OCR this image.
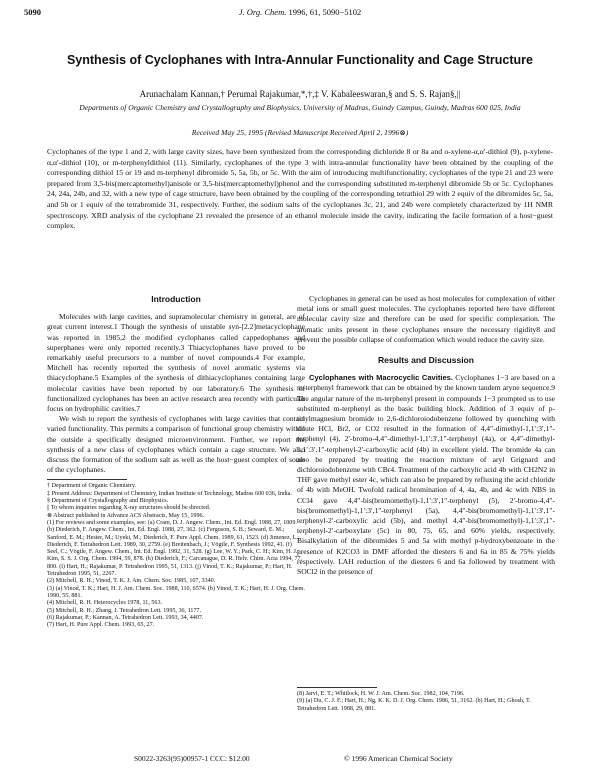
5090	J. Org. Chem. 1996, 61, 5090−5102
Synthesis of Cyclophanes with Intra-Annular Functionality and Cage Structure
Arunachalam Kannan,† Perumal Rajakumar,*,†,‡ V. Kabaleeswaran,§ and S. S. Rajan§,||
Departments of Organic Chemistry and Crystallography and Biophysics, University of Madras, Guindy Campus, Guindy, Madras 600 025, India
Received May 25, 1995 (Revised Manuscript Received April 2, 1996⊗)
Cyclophanes of the type 1 and 2, with large cavity sizes, have been synthesized from the corresponding dichloride 8 or 8a and o-xylene-α,α′-dithiol (9), p-xylene-α,α′-dithiol (10), or m-terphenyldithiol (11). Similarly, cyclophanes of the type 3 with intra-annular functionality have been obtained by the coupling of the corresponding dithiol 15 or 19 and m-terphenyl dibromide 5, 5a, 5b, or 5c. With the aim of introducing multifunctionality, cyclophanes of the type 21 and 23 were prepared from 3,5-bis(mercaptomethyl)anisole or 3,5-bis(mercaptomethyl)phenol and the corresponding substituted m-terphenyl dibromide 5b or 5c. Cyclophanes 24, 24a, 24b, and 32, with a new type of cage structure, have been obtained by the coupling of the corresponding tetrathiol 29 with 2 equiv of the dibromides 5c, 5a, and 5b or 1 equiv of the tetrabromide 31, respectively. Further, the sodium salts of the cyclophanes 3c, 21, and 24b were completely characterized by 1H NMR spectroscopy. XRD analysis of the cyclophane 21 revealed the presence of an ethanol molecule inside the cavity, indicating the facile formation of a host−guest complex.
Introduction

Molecules with large cavities, and supramolecular chemistry in general, are of great current interest.1 Though the synthesis of unstable syn-[2.2]metacyclophane was reported in 1985,2 the modified cyclophanes called cappedophanes and superphanes were only reported recently.3 Thiacyclophanes have proved to be remarkably useful precursors to a number of novel compounds.4 For example, Mitchell has recently reported the synthesis of novel aromatic systems via thiacyclophane.5 Examples of the synthesis of dithiacyclophanes containing large molecular cavities have been reported by our laboratory.6 The synthesis of functionalized cyclophanes has been an active research area recently with particular focus on hydrophilic cavities.7

We wish to report the synthesis of cyclophanes with large cavities that contain varied functionality. This permits a comparison of functional group chemistry within the outside a specifically designed microenvironment. Further, we report the synthesis of a new class of cyclophanes which contain a cage structure. We also discuss the formation of the sodium salt as well as the host−guest complex of some of the cyclophanes.

† Department of Organic Chemistry.
‡ Present Address: Department of Chemistry, Indian Institute of Technology, Madras 600 036, India.
§ Department of Crystallography and Biophysics.
|| To whom inquiries regarding X-ray structures should be directed.
⊗ Abstract published in Advance ACS Abstracts, May 15, 1996.
(1) For reviews and some examples, see: (a) Cram, D. J. Angew. Chem., Int. Ed. Engl. 1988, 27, 1009. (b) Diederich, F. Angew. Chem., Int. Ed. Engl. 1988, 27, 362. (c) Ferguson, S. B.; Seward, E. M.; Sanford, E. M.; Hester, M.; Uyeki, M.; Diederich, F. Pure Appl. Chem. 1989, 61, 1523. (d) Jimenez, L.; Diederich, F. Tetrahedron Lett. 1989, 30, 2759. (e) Breitenbach, J.; Vögtle, F. Synthesis 1992, 41. (f) Seel, C.; Vögtle, F. Angew. Chem., Int. Ed. Engl. 1992, 31, 528. (g) Lee, W. Y.; Park, C. H.; Kim, H. J.; Kim, S. S. J. Org. Chem. 1994, 59, 878. (h) Diederich, F.; Carcanague, D. R. Helv. Chim. Acta 1994, 77, 800. (i) Hart, H.; Rajakumar, P. Tetrahedron 1995, 51, 1313. (j) Vinod, T. K.; Rajakumar, P.; Hart, H. Tetrahedron 1995, 51, 2267.
(2) Mitchell, R. H.; Vinod, T. K. J. Am. Chem. Soc. 1985, 107, 3340.
(3) (a) Vinod, T. K.; Hart, H. J. Am. Chem. Soc. 1988, 110, 6574. (b) Vinod, T. K.; Hart, H. J. Org. Chem. 1990, 55, 881.
(4) Mitchell, R. H. Heterocycles 1978, 11, 563.
(5) Mitchell, R. H.; Zhang, J. Tetrahedron Lett. 1995, 36, 1177.
(6) Rajakumar, P.; Kannan, A. Tetrahedron Lett. 1993, 34, 4407.
(7) Hart, H. Pure Appl. Chem. 1993, 65, 27.

Cyclophanes in general can be used as host molecules for complexation of either metal ions or small guest molecules. The cyclophanes reported here have different molecular cavity size and therefore can be used for specific complexation. The aromatic units present in these cyclophanes ensure the necessary rigidity8 and prevent the possible collapse of conformation which would reduce the cavity size.

Results and Discussion

Cyclophanes with Macrocyclic Cavities. Cyclophanes 1−3 are based on a m-terphenyl framework that can be obtained by the known tandem aryne sequence.9 The angular nature of the m-terphenyl present in compounds 1−3 prompted us to use substituted m-terphenyl as the basic building block. Addition of 3 equiv of p-tolylmagnesium bromide to 2,6-dichloroiodobenzene followed by quenching with dilute HCl, Br2, or CO2 resulted in the formation of 4,4″-dimethyl-1,1′:3′,1″-terphenyl (4), 2′-bromo-4,4″-dimethyl-1,1′:3′,1″-terphenyl (4a), or 4,4″-dimethyl-1,1′:3′,1″-terphenyl-2′-carboxylic acid (4b) in excellent yield. The bromide 4a can also be prepared by treating the reaction mixture of aryl Grignard and dichloroiodobenzene with CBr4. Treatment of the carboxylic acid 4b with CH2N2 in THF gave methyl ester 4c, which can also be prepared by refluxing the acid chloride of 4b with MeOH. Twofold radical bromination of 4, 4a, 4b, and 4c with NBS in CCl4 gave 4,4″-bis(bromomethyl)-1,1′:3′,1″-terphenyl (5), 2′-bromo-4,4″-bis(bromomethyl)-1,1′:3′,1″-terphenyl (5a), 4,4″-bis(bromomethyl)-1,1′:3′,1″-terphenyl-2′-carboxylic acid (5b), and methyl 4,4″-bis(bromomethyl)-1,1′:3′,1″-terphenyl-2′-carboxylate (5c) in 80, 75, 65, and 60% yields, respectively. Bisalkylation of the dibromides 5 and 5a with methyl p-hydroxybenzoate in the presence of K2CO3 in DMF afforded the diesters 6 and 6a in 85 & 75% yields respectively. LAH reduction of the diesters 6 and 6a followed by treatment with SOCl2 in the presence of

(8) Jarvi, E. T.; Whitlock, H. W. J. Am. Chem. Soc. 1982, 104, 7196.
(9) (a) Du, C. J. F.; Hart, H.; Ng, K. K. D. J. Org. Chem. 1986, 51, 3162. (b) Hart, H.; Ghosh, T. Tetrahedron Lett. 1988, 29, 881.
S0022-3263(95)00957-1 CCC: $12.00	© 1996 American Chemical Society
